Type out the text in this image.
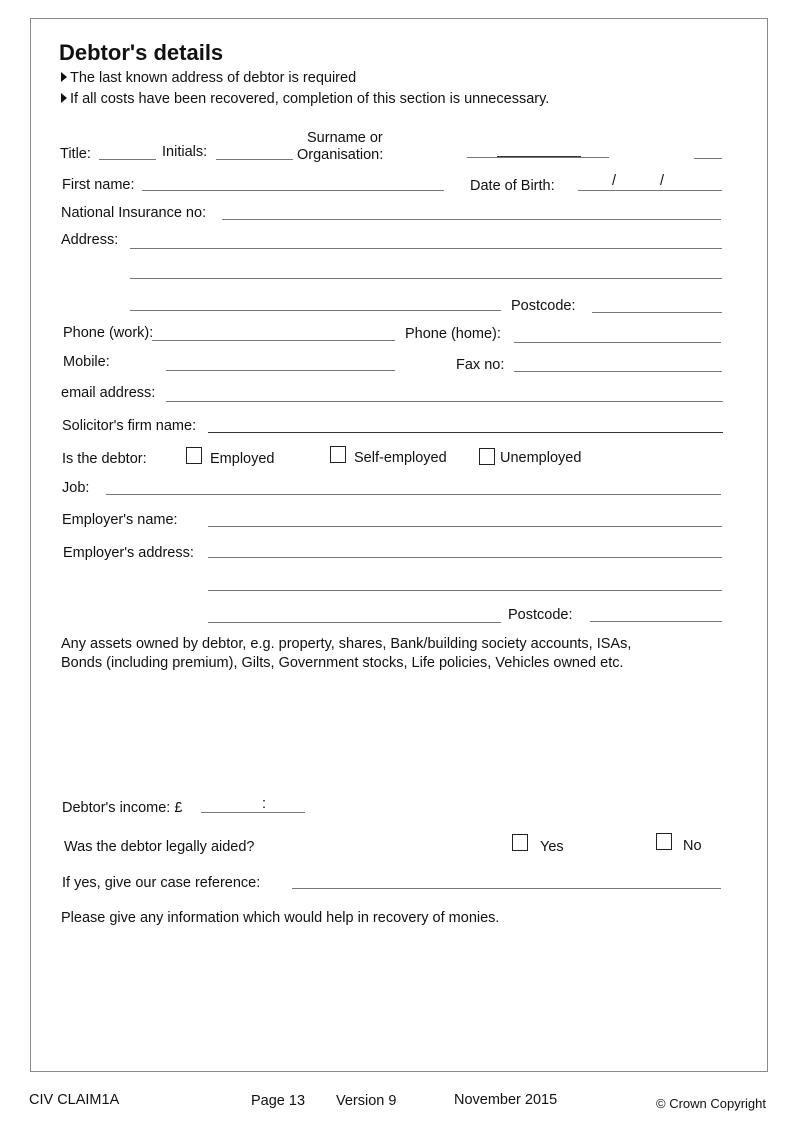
Debtor's details
The last known address of debtor is required
If all costs have been recovered, completion of this section is unnecessary.
Title:	Initials:
Surname or
Organisation:
First name:	Date of Birth:	/	/
National Insurance no:
Address:
Postcode:
Phone (work):	Phone (home):
Mobile:	Fax no:
email address:
Solicitor's firm name:
Is the debtor:	Employed	Self-employed	Unemployed
Job:
Employer's name:
Employer's address:
Postcode:
Any assets owned by debtor, e.g. property, shares, Bank/building society accounts, ISAs,
Bonds (including premium), Gilts, Government stocks, Life policies, Vehicles owned etc.
Debtor's income: £	:
Was the debtor legally aided?	Yes	No
If yes, give our case reference:
Please give any information which would help in recovery of monies.
CIV CLAIM1A	Page 13 Version 9	November 2015	© Crown Copyright
